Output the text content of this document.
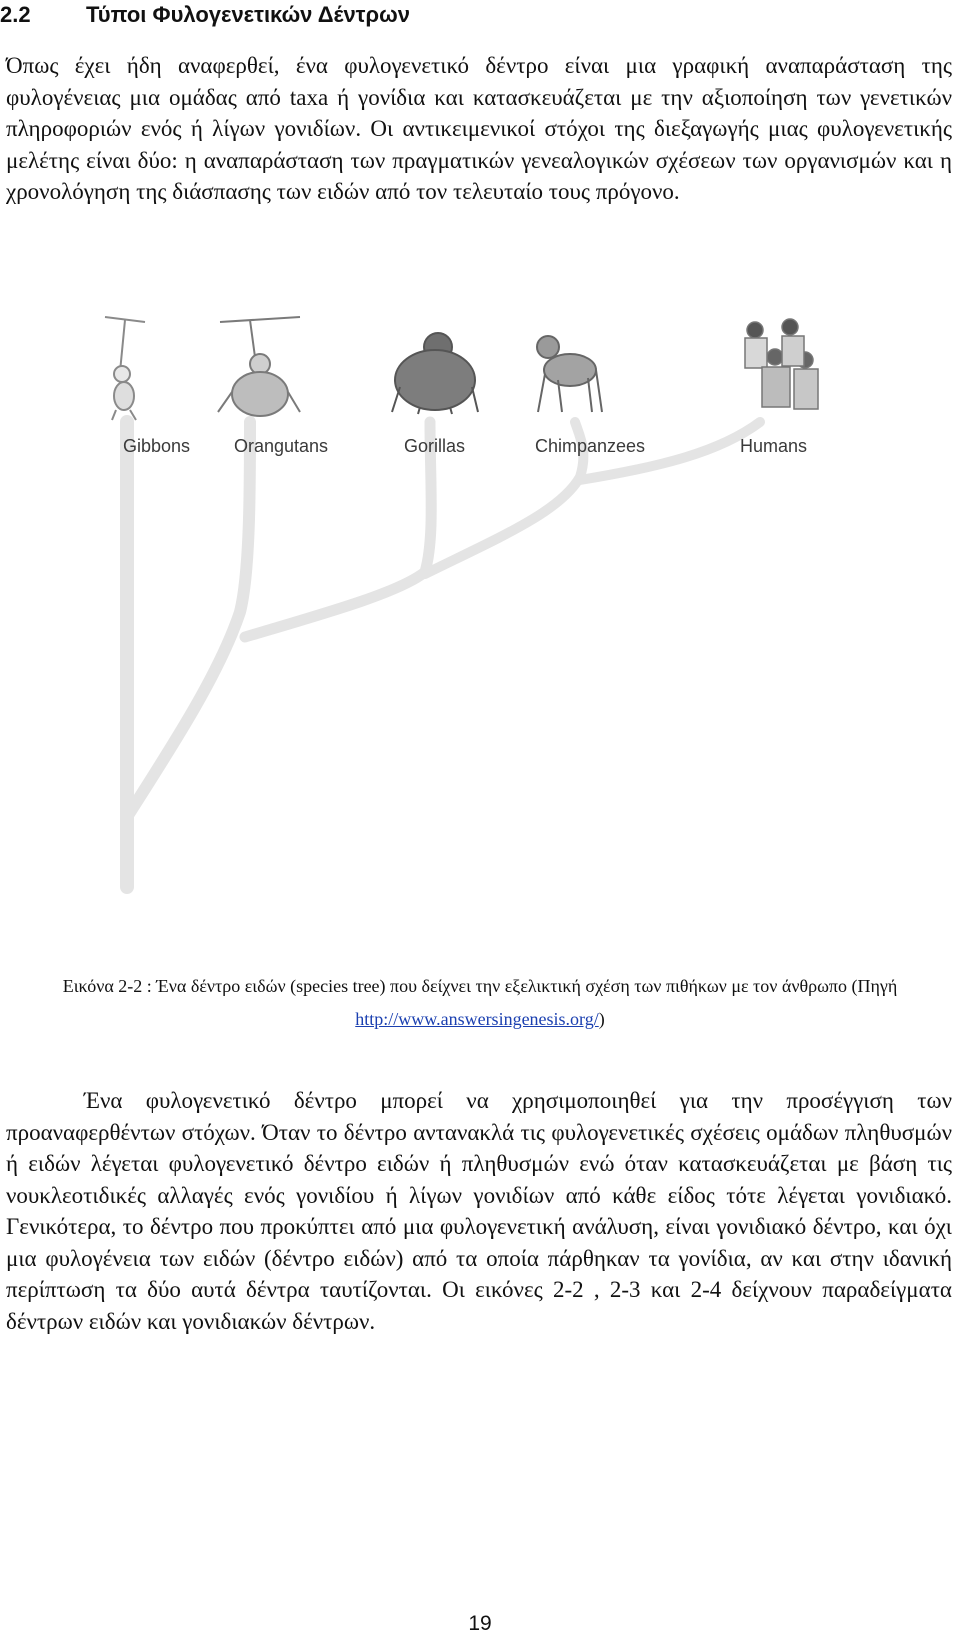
2.2	Τύποι Φυλογενετικών Δέντρων

Όπως έχει ήδη αναφερθεί, ένα φυλογενετικό δέντρο είναι μια γραφική αναπαράσταση της φυλογένειας μια ομάδας από taxa ή γονίδια και κατασκευάζεται με την αξιοποίηση των γενετικών πληροφοριών ενός ή λίγων γονιδίων. Οι αντικειμενικοί στόχοι της διεξαγωγής μιας φυλογενετικής μελέτης είναι δύο: η αναπαράσταση των πραγματικών γενεαλογικών σχέσεων των οργανισμών και η χρονολόγηση της διάσπασης των ειδών από τον τελευταίο τους πρόγονο.

Gibbons Orangutans	Gorillas	Chimpanzees	Humans

Εικόνα 2-2 : Ένα δέντρο ειδών (species tree) που δείχνει την εξελικτική σχέση των πιθήκων με τον άνθρωπο (Πηγή http://www.answersingenesis.org/)

Ένα φυλογενετικό δέντρο μπορεί να χρησιμοποιηθεί για την προσέγγιση των προαναφερθέντων στόχων. Όταν το δέντρο αντανακλά τις φυλογενετικές σχέσεις ομάδων πληθυσμών ή ειδών λέγεται φυλογενετικό δέντρο ειδών ή πληθυσμών ενώ όταν κατασκευάζεται με βάση τις νουκλεοτιδικές αλλαγές ενός γονιδίου ή λίγων γονιδίων από κάθε είδος τότε λέγεται γονιδιακό. Γενικότερα, το δέντρο που προκύπτει από μια φυλογενετική ανάλυση, είναι γονιδιακό δέντρο, και όχι μια φυλογένεια των ειδών (δέντρο ειδών) από τα οποία πάρθηκαν τα γονίδια, αν και στην ιδανική περίπτωση τα δύο αυτά δέντρα ταυτίζονται. Οι εικόνες 2-2 , 2-3 και 2-4 δείχνουν παραδείγματα δέντρων ειδών και γονιδιακών δέντρων.

19
